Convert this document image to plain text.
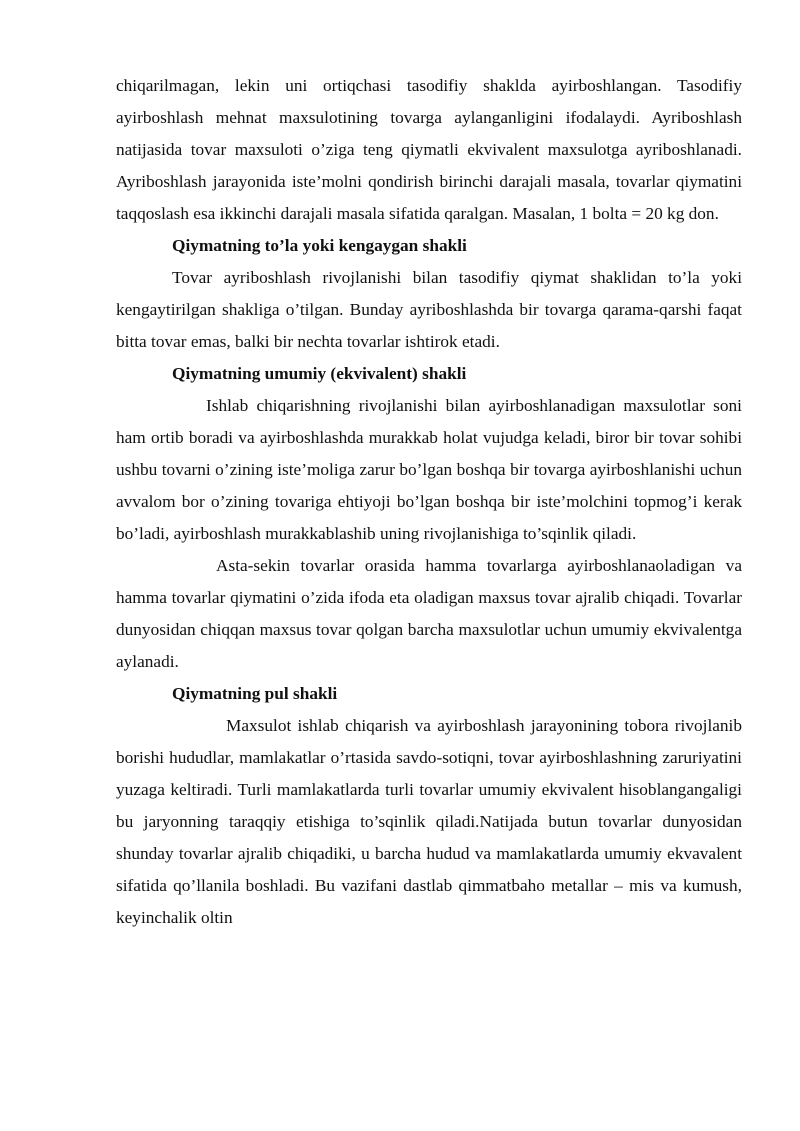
chiqarilmagan, lekin uni ortiqchasi tasodifiy shaklda ayirboshlangan. Tasodifiy ayirboshlash mehnat maxsulotining tovarga aylanganligini ifodalaydi. Ayriboshlash natijasida tovar maxsuloti o’ziga teng qiymatli ekvivalent maxsulotga ayriboshlanadi. Ayriboshlash jarayonida iste’molni qondirish birinchi darajali masala, tovarlar qiymatini taqqoslash esa ikkinchi darajali masala sifatida qaralgan. Masalan, 1 bolta = 20 kg don.

Qiymatning to’la yoki kengaygan shakli

Tovar ayriboshlash rivojlanishi bilan tasodifiy qiymat shaklidan to’la yoki kengaytirilgan shakliga o’tilgan. Bunday ayriboshlashda bir tovarga qarama-qarshi faqat bitta tovar emas, balki bir nechta tovarlar ishtirok etadi.

Qiymatning umumiy (ekvivalent) shakli

Ishlab chiqarishning rivojlanishi bilan ayirboshlanadigan maxsulotlar soni ham ortib boradi va ayirboshlashda murakkab holat vujudga keladi, biror bir tovar sohibi ushbu tovarni o’zining iste’moliga zarur bo’lgan boshqa bir tovarga ayirboshlanishi uchun avvalom bor o’zining tovariga ehtiyoji bo’lgan boshqa bir iste’molchini topmog’i kerak bo’ladi, ayirboshlash murakkablashib uning rivojlanishiga to’sqinlik qiladi.

Asta-sekin tovarlar orasida hamma tovarlarga ayirboshlanaoladigan va hamma tovarlar qiymatini o’zida ifoda eta oladigan maxsus tovar ajralib chiqadi. Tovarlar dunyosidan chiqqan maxsus tovar qolgan barcha maxsulotlar uchun umumiy ekvivalentga aylanadi.

Qiymatning pul shakli

Maxsulot ishlab chiqarish va ayirboshlash jarayonining tobora rivojlanib borishi hududlar, mamlakatlar o’rtasida savdo-sotiqni, tovar ayirboshlashning zaruriyatini yuzaga keltiradi. Turli mamlakatlarda turli tovarlar umumiy ekvivalent hisoblangangaligi bu jaryonning taraqqiy etishiga to’sqinlik qiladi.Natijada butun tovarlar dunyosidan shunday tovarlar ajralib chiqadiki, u barcha hudud va mamlakatlarda umumiy ekvavalent sifatida qo’llanila boshladi. Bu vazifani dastlab qimmatbaho metallar – mis va kumush, keyinchalik oltin
